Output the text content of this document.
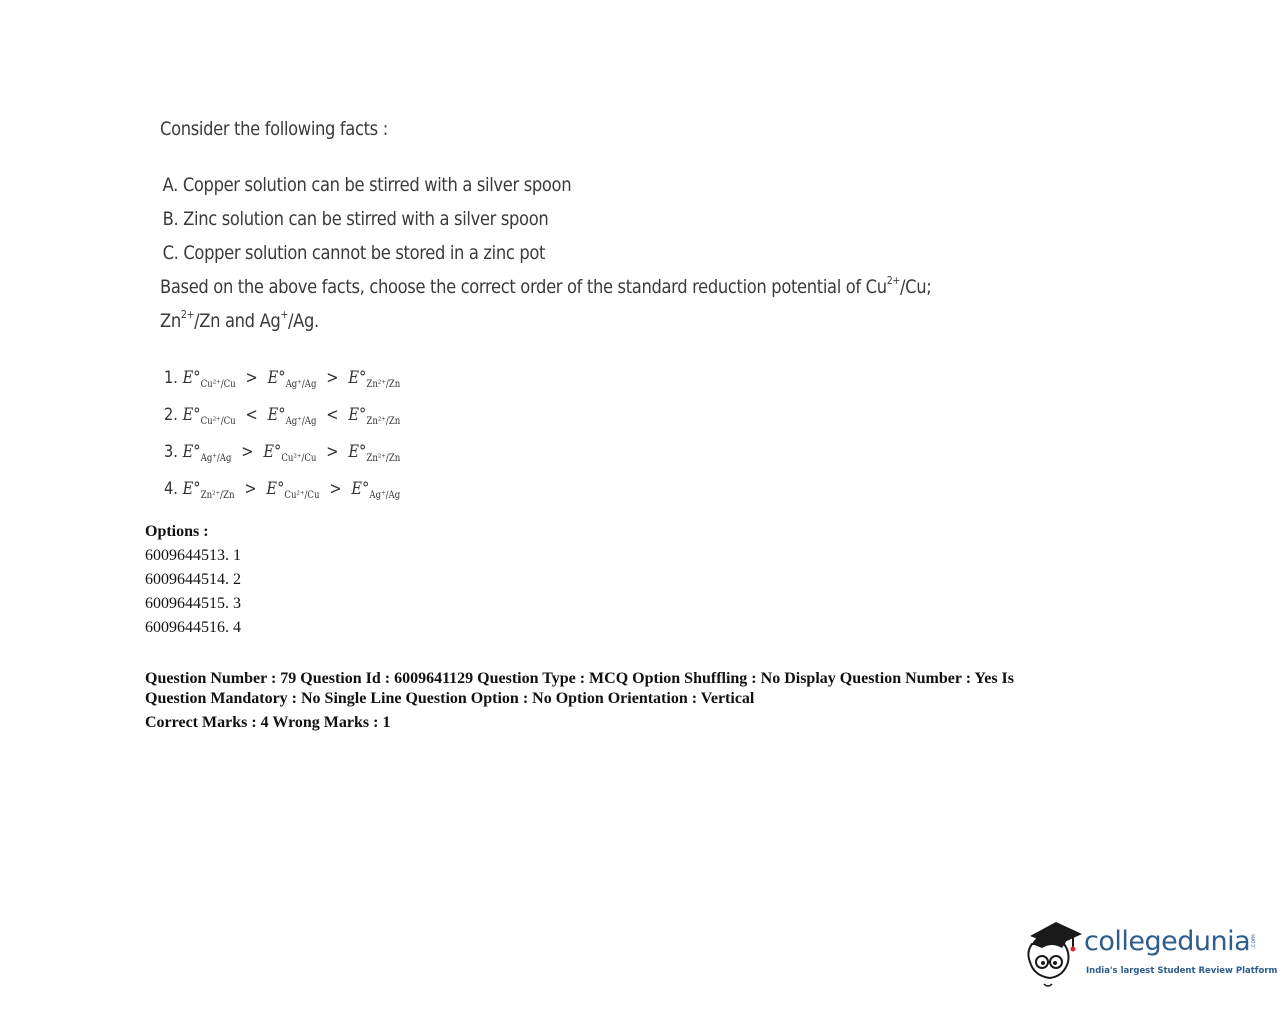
Consider the following facts :
A. Copper solution can be stirred with a silver spoon
B. Zinc solution can be stirred with a silver spoon
C. Copper solution cannot be stored in a zinc pot
Based on the above facts, choose the correct order of the standard reduction potential of $Cu^{2+}/Cu$;
$Zn^{2+}/Zn$ and Ag+/Ag.
1. $E^\circ_{Cu^{2+}/Cu} > E^\circ_{Ag^+/Ag} > E^\circ_{Zn^{2+}/Zn}$
2. $E^\circ_{Cu^{2+}/Cu} < E^\circ_{Ag^+/Ag} < E^\circ_{Zn^{2+}/Zn}$
3. $E^\circ_{Ag^+/Ag} > E^\circ_{Cu^{2+}/Cu} > E^\circ_{Zn^{2+}/Zn}$
4. $E^\circ_{Zn^{2+}/Zn} > E^\circ_{Cu^{2+}/Cu} > E^\circ_{Ag^+/Ag}$
Options :
6009644513. 1
6009644514. 2
6009644515. 3
6009644516. 4
Question Number : 79 Question Id : 6009641129 Question Type : MCQ Option Shuffling : No Display Question Number : Yes Is
Question Mandatory : No Single Line Question Option : No Option Orientation : Vertical
Correct Marks : 4 Wrong Marks : 1
collegedunia .com
India's largest Student Review Platform
